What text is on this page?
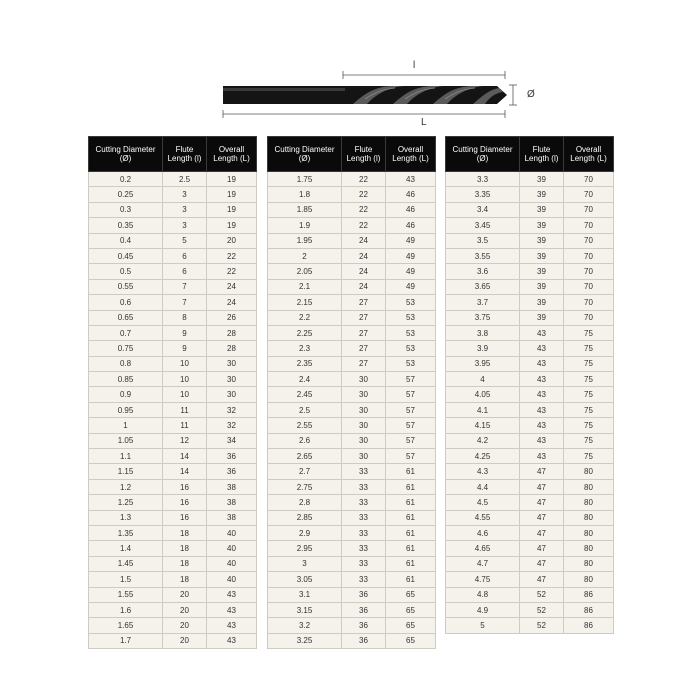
l
Ø
L
Cutting Diameter (Ø)	Flute Length (l)	Overall Length (L)
0.2	2.5	19
0.25	3	19
0.3	3	19
0.35	3	19
0.4	5	20
0.45	6	22
0.5	6	22
0.55	7	24
0.6	7	24
0.65	8	26
0.7	9	28
0.75	9	28
0.8	10	30
0.85	10	30
0.9	10	30
0.95	11	32
1	11	32
1.05	12	34
1.1	14	36
1.15	14	36
1.2	16	38
1.25	16	38
1.3	16	38
1.35	18	40
1.4	18	40
1.45	18	40
1.5	18	40
1.55	20	43
1.6	20	43
1.65	20	43
1.7	20	43
Cutting Diameter (Ø)	Flute Length (l)	Overall Length (L)
1.75	22	43
1.8	22	46
1.85	22	46
1.9	22	46
1.95	24	49
2	24	49
2.05	24	49
2.1	24	49
2.15	27	53
2.2	27	53
2.25	27	53
2.3	27	53
2.35	27	53
2.4	30	57
2.45	30	57
2.5	30	57
2.55	30	57
2.6	30	57
2.65	30	57
2.7	33	61
2.75	33	61
2.8	33	61
2.85	33	61
2.9	33	61
2.95	33	61
3	33	61
3.05	33	61
3.1	36	65
3.15	36	65
3.2	36	65
3.25	36	65
Cutting Diameter (Ø)	Flute Length (l)	Overall Length (L)
3.3	39	70
3.35	39	70
3.4	39	70
3.45	39	70
3.5	39	70
3.55	39	70
3.6	39	70
3.65	39	70
3.7	39	70
3.75	39	70
3.8	43	75
3.9	43	75
3.95	43	75
4	43	75
4.05	43	75
4.1	43	75
4.15	43	75
4.2	43	75
4.25	43	75
4.3	47	80
4.4	47	80
4.5	47	80
4.55	47	80
4.6	47	80
4.65	47	80
4.7	47	80
4.75	47	80
4.8	52	86
4.9	52	86
5	52	86
